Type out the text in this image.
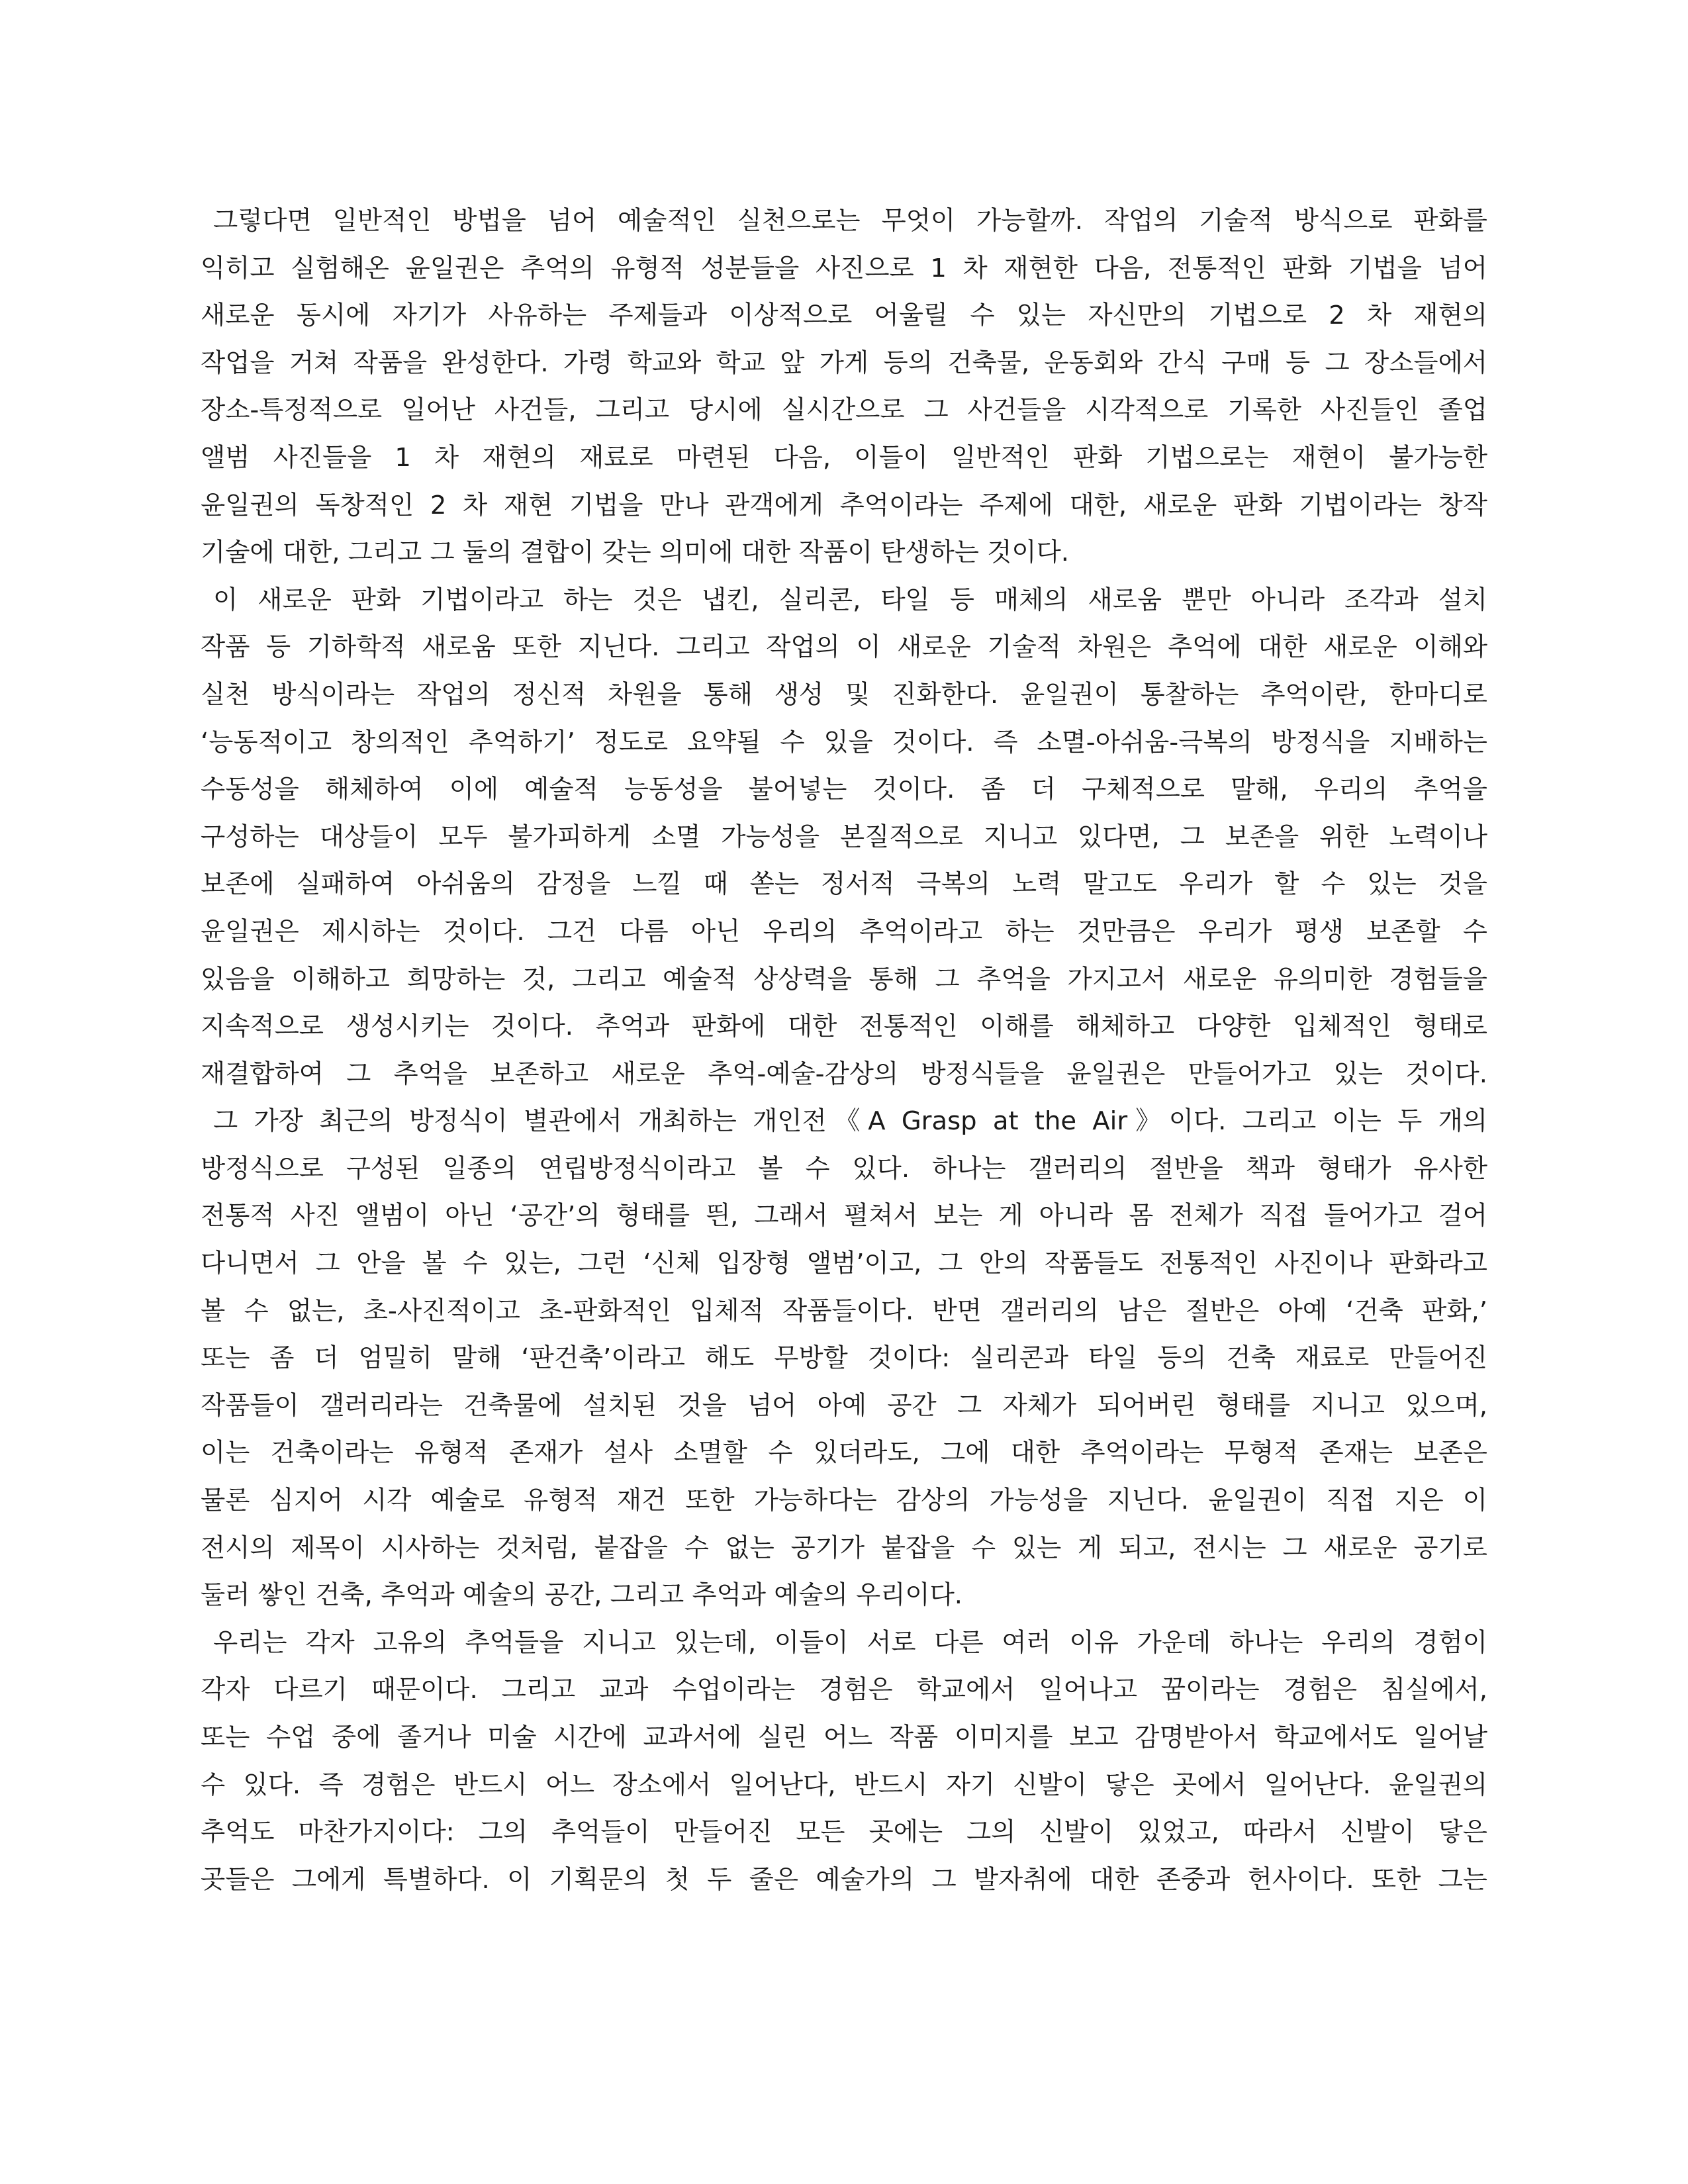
그렇다면 일반적인 방법을 넘어 예술적인 실천으로는 무엇이 가능할까. 작업의 기술적 방식으로 판화를
익히고 실험해온 윤일권은 추억의 유형적 성분들을 사진으로 1 차 재현한 다음, 전통적인 판화 기법을 넘어
새로운 동시에 자기가 사유하는 주제들과 이상적으로 어울릴 수 있는 자신만의 기법으로 2 차 재현의
작업을 거쳐 작품을 완성한다. 가령 학교와 학교 앞 가게 등의 건축물, 운동회와 간식 구매 등 그 장소들에서
장소-특정적으로 일어난 사건들, 그리고 당시에 실시간으로 그 사건들을 시각적으로 기록한 사진들인 졸업
앨범 사진들을 1 차 재현의 재료로 마련된 다음, 이들이 일반적인 판화 기법으로는 재현이 불가능한
윤일권의 독창적인 2 차 재현 기법을 만나 관객에게 추억이라는 주제에 대한, 새로운 판화 기법이라는 창작
기술에 대한, 그리고 그 둘의 결합이 갖는 의미에 대한 작품이 탄생하는 것이다.
이 새로운 판화 기법이라고 하는 것은 냅킨, 실리콘, 타일 등 매체의 새로움 뿐만 아니라 조각과 설치
작품 등 기하학적 새로움 또한 지닌다. 그리고 작업의 이 새로운 기술적 차원은 추억에 대한 새로운 이해와
실천 방식이라는 작업의 정신적 차원을 통해 생성 및 진화한다. 윤일권이 통찰하는 추억이란, 한마디로
‘능동적이고 창의적인 추억하기’ 정도로 요약될 수 있을 것이다. 즉 소멸-아쉬움-극복의 방정식을 지배하는
수동성을 해체하여 이에 예술적 능동성을 불어넣는 것이다. 좀 더 구체적으로 말해, 우리의 추억을
구성하는 대상들이 모두 불가피하게 소멸 가능성을 본질적으로 지니고 있다면, 그 보존을 위한 노력이나
보존에 실패하여 아쉬움의 감정을 느낄 때 쏟는 정서적 극복의 노력 말고도 우리가 할 수 있는 것을
윤일권은 제시하는 것이다. 그건 다름 아닌 우리의 추억이라고 하는 것만큼은 우리가 평생 보존할 수
있음을 이해하고 희망하는 것, 그리고 예술적 상상력을 통해 그 추억을 가지고서 새로운 유의미한 경험들을
지속적으로 생성시키는 것이다. 추억과 판화에 대한 전통적인 이해를 해체하고 다양한 입체적인 형태로
재결합하여 그 추억을 보존하고 새로운 추억-예술-감상의 방정식들을 윤일권은 만들어가고 있는 것이다.
그 가장 최근의 방정식이 별관에서 개최하는 개인전《A Grasp at the Air》이다. 그리고 이는 두 개의
방정식으로 구성된 일종의 연립방정식이라고 볼 수 있다. 하나는 갤러리의 절반을 책과 형태가 유사한
전통적 사진 앨범이 아닌 ‘공간’의 형태를 띈, 그래서 펼쳐서 보는 게 아니라 몸 전체가 직접 들어가고 걸어
다니면서 그 안을 볼 수 있는, 그런 ‘신체 입장형 앨범’이고, 그 안의 작품들도 전통적인 사진이나 판화라고
볼 수 없는, 초-사진적이고 초-판화적인 입체적 작품들이다. 반면 갤러리의 남은 절반은 아예 ‘건축 판화,’
또는 좀 더 엄밀히 말해 ‘판건축’이라고 해도 무방할 것이다: 실리콘과 타일 등의 건축 재료로 만들어진
작품들이 갤러리라는 건축물에 설치된 것을 넘어 아예 공간 그 자체가 되어버린 형태를 지니고 있으며,
이는 건축이라는 유형적 존재가 설사 소멸할 수 있더라도, 그에 대한 추억이라는 무형적 존재는 보존은
물론 심지어 시각 예술로 유형적 재건 또한 가능하다는 감상의 가능성을 지닌다. 윤일권이 직접 지은 이
전시의 제목이 시사하는 것처럼, 붙잡을 수 없는 공기가 붙잡을 수 있는 게 되고, 전시는 그 새로운 공기로
둘러 쌓인 건축, 추억과 예술의 공간, 그리고 추억과 예술의 우리이다.
우리는 각자 고유의 추억들을 지니고 있는데, 이들이 서로 다른 여러 이유 가운데 하나는 우리의 경험이
각자 다르기 때문이다. 그리고 교과 수업이라는 경험은 학교에서 일어나고 꿈이라는 경험은 침실에서,
또는 수업 중에 졸거나 미술 시간에 교과서에 실린 어느 작품 이미지를 보고 감명받아서 학교에서도 일어날
수 있다. 즉 경험은 반드시 어느 장소에서 일어난다, 반드시 자기 신발이 닿은 곳에서 일어난다. 윤일권의
추억도 마찬가지이다: 그의 추억들이 만들어진 모든 곳에는 그의 신발이 있었고, 따라서 신발이 닿은
곳들은 그에게 특별하다. 이 기획문의 첫 두 줄은 예술가의 그 발자취에 대한 존중과 헌사이다. 또한 그는
